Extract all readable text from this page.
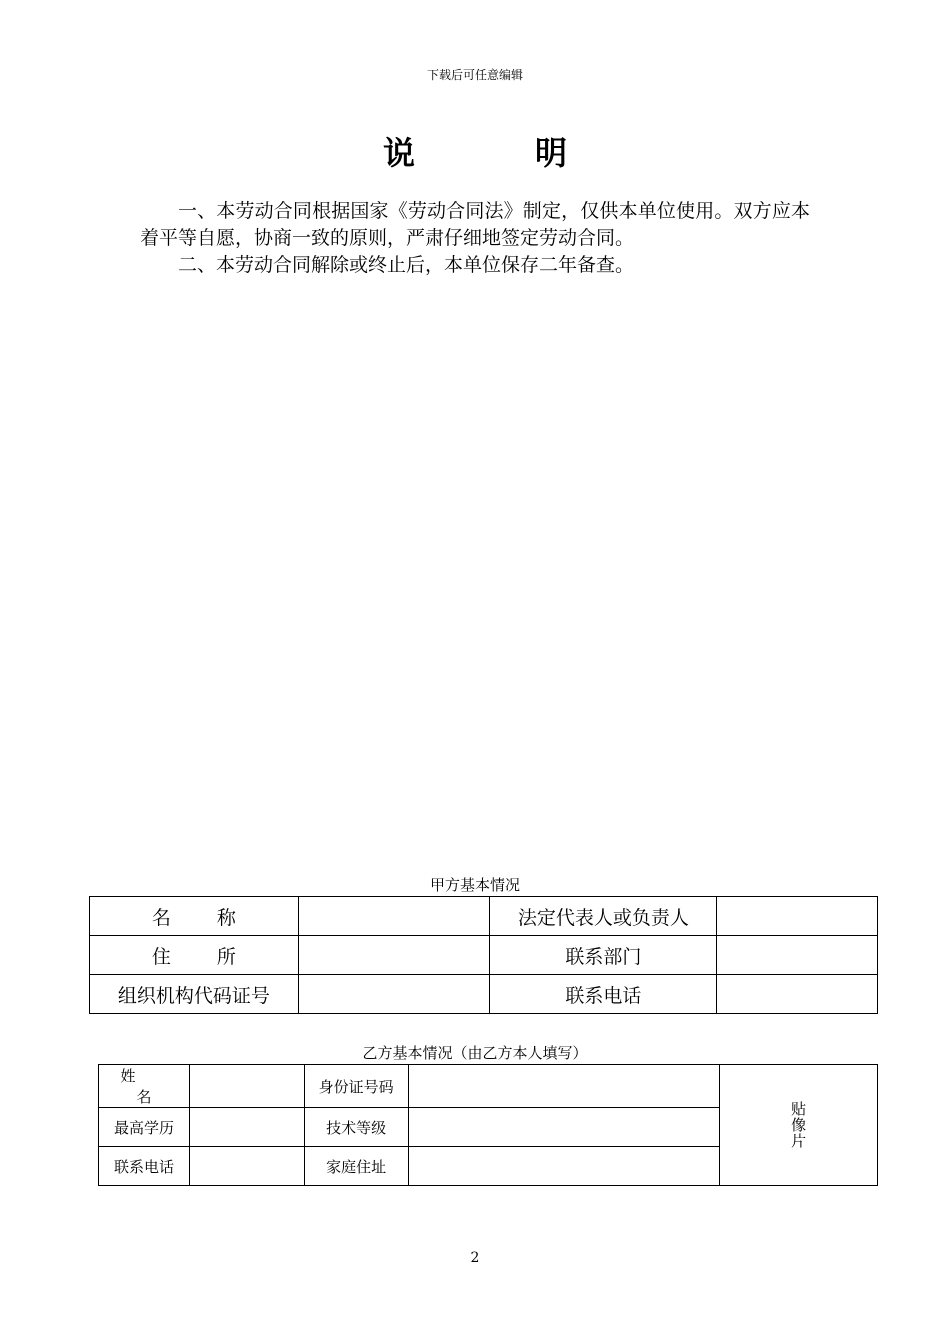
下载后可任意编辑
说	明

一、本劳动合同根据国家《劳动合同法》制定，仅供本单位使用。双方应本着平等自愿，协商一致的原则，严肃仔细地签定劳动合同。

二、本劳动合同解除或终止后，本单位保存二年备查。

甲方基本情况
名称		法定代表人或负责人	
住所		联系部门	
组织机构代码证号		联系电话	
乙方基本情况（由乙方本人填写）
姓名		身份证号码		贴
像
片

最高学历		技术等级		
联系电话		家庭住址		
2
